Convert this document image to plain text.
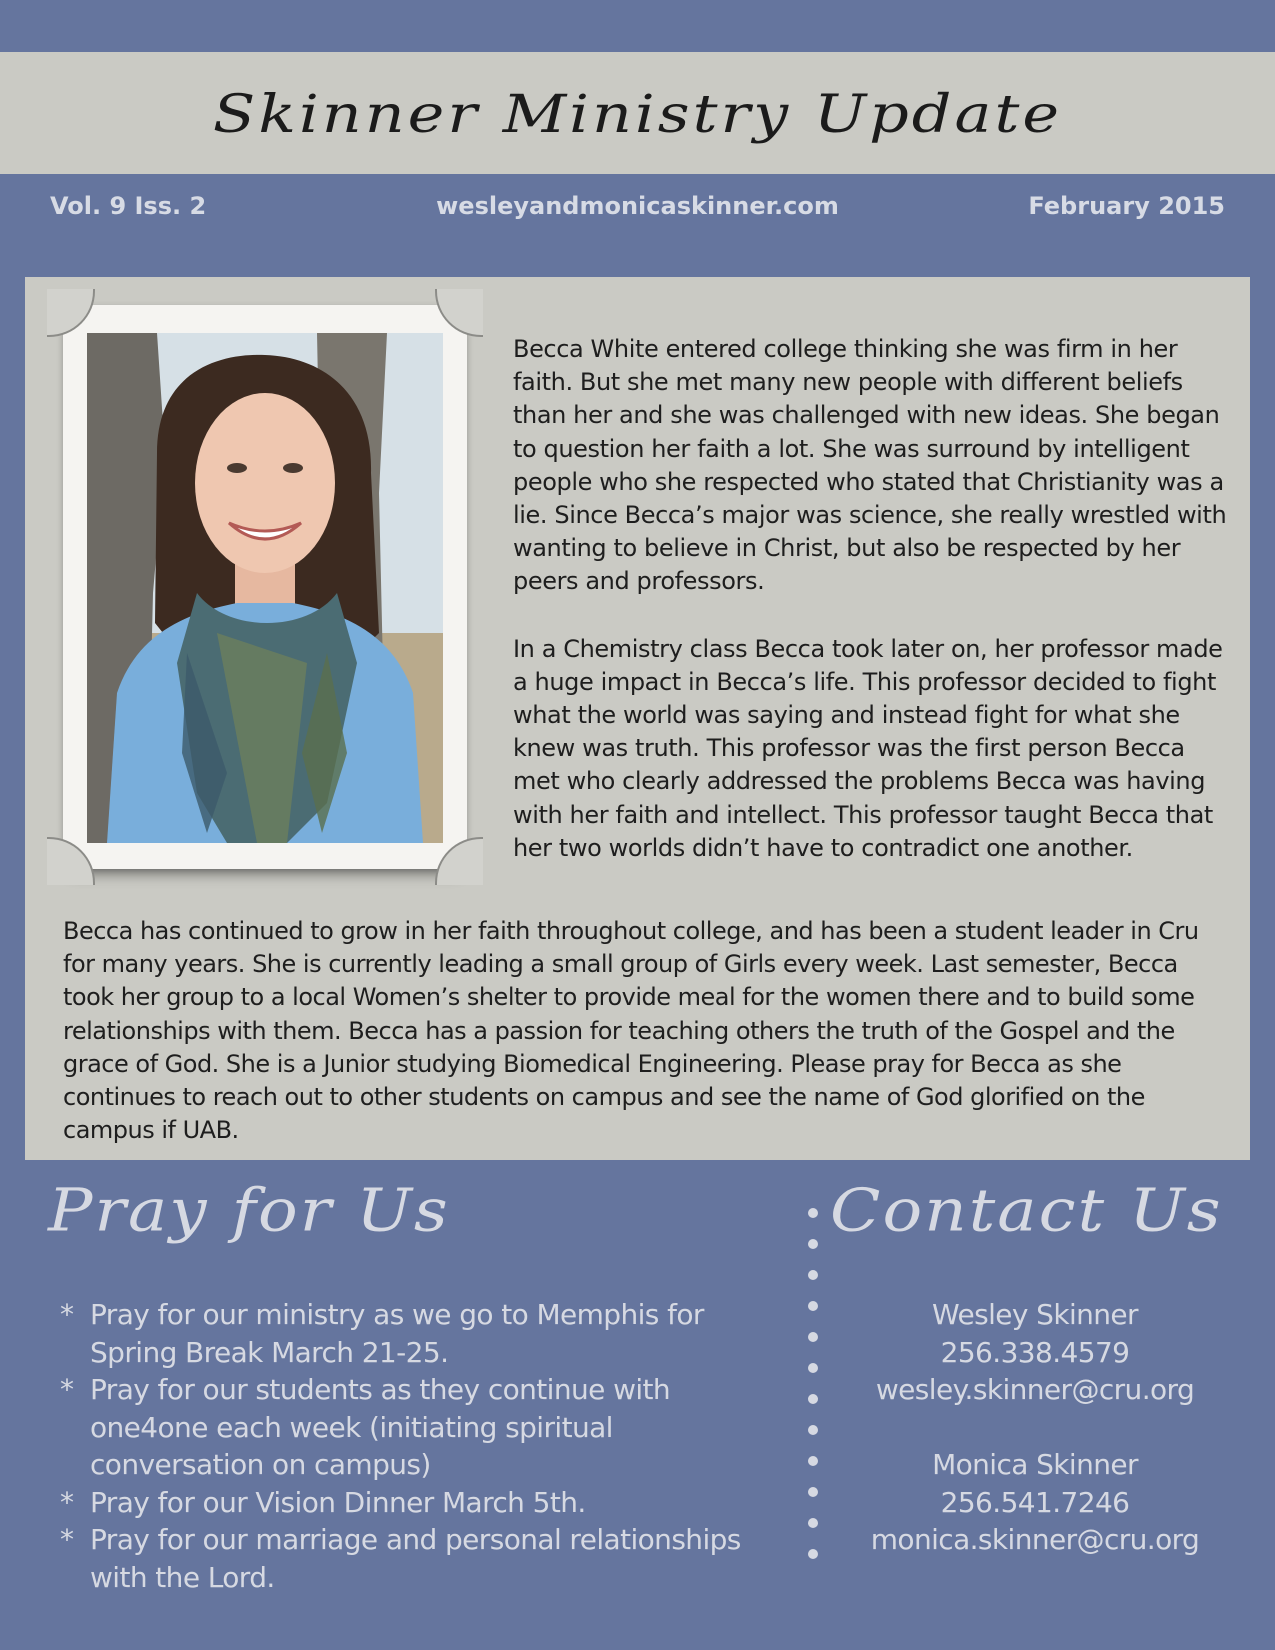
Skinner Ministry Update
Vol. 9 Iss. 2	wesleyandmonicaskinner.com	February 2015

Becca White entered college thinking she was firm in her faith. But she met many new people with different beliefs than her and she was challenged with new ideas. She began to question her faith a lot. She was surround by intelligent people who she respected who stated that Christianity was a lie. Since Becca’s major was science, she really wrestled with wanting to believe in Christ, but also be respected by her peers and professors.

In a Chemistry class Becca took later on, her professor made a huge impact in Becca’s life. This professor decided to fight what the world was saying and instead fight for what she knew was truth. This professor was the first person Becca met who clearly addressed the problems Becca was having with her faith and intellect. This professor taught Becca that her two worlds didn’t have to contradict one another.

Becca has continued to grow in her faith throughout college, and has been a student leader in Cru for many years. She is currently leading a small group of Girls every week. Last semester, Becca took her group to a local Women’s shelter to provide meal for the women there and to build some relationships with them. Becca has a passion for teaching others the truth of the Gospel and the grace of God. She is a Junior studying Biomedical Engineering. Please pray for Becca as she continues to reach out to other students on campus and see the name of God glorified on the campus if UAB.

Pray for Us
* Pray for our ministry as we go to Memphis for Spring Break March 21-25.
* Pray for our students as they continue with one4one each week (initiating spiritual conversation on campus)
* Pray for our Vision Dinner March 5th.
* Pray for our marriage and personal relationships with the Lord.
Contact Us
Wesley Skinner
256.338.4579
wesley.skinner@cru.org
Monica Skinner
256.541.7246
monica.skinner@cru.org
